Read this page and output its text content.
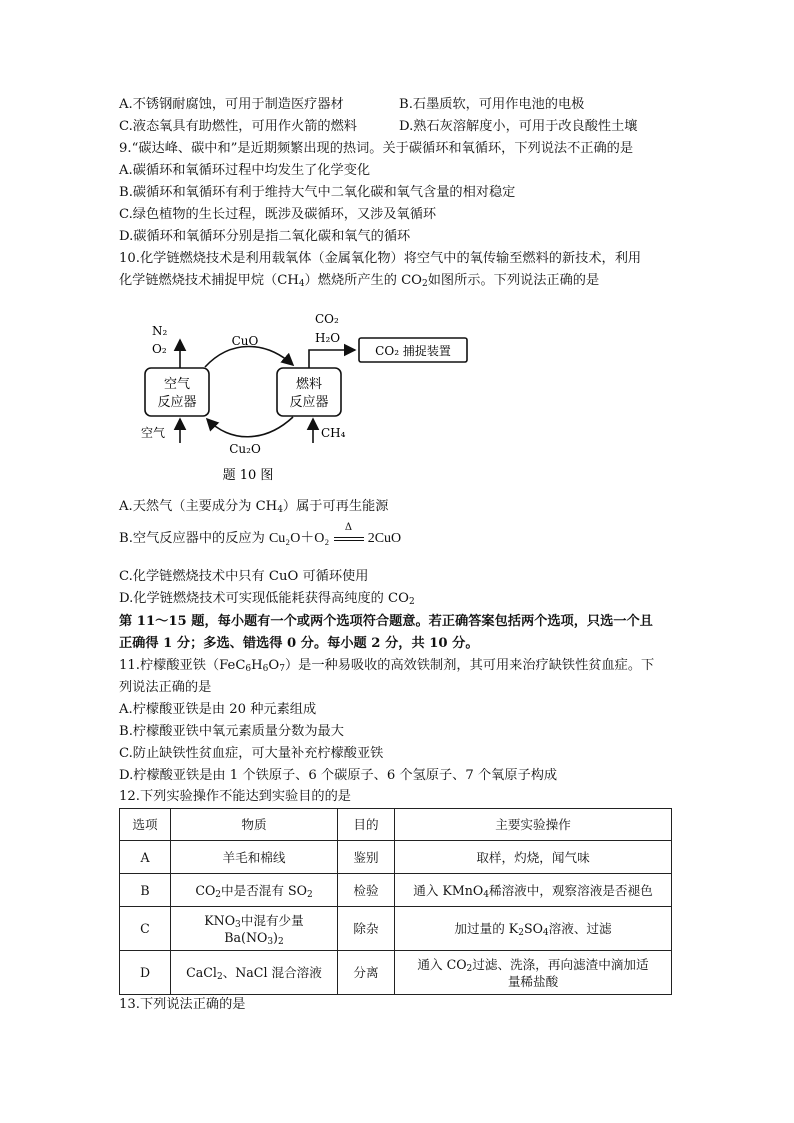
A.不锈钢耐腐蚀，可用于制造医疗器材	B.石墨质软，可用作电池的电极
C.液态氧具有助燃性，可用作火箭的燃料	D.熟石灰溶解度小，可用于改良酸性土壤
9.“碳达峰、碳中和”是近期频繁出现的热词。关于碳循环和氧循环，下列说法不正确的是
A.碳循环和氧循环过程中均发生了化学变化
B.碳循环和氧循环有利于维持大气中二氧化碳和氧气含量的相对稳定
C.绿色植物的生长过程，既涉及碳循环，又涉及氧循环
D.碳循环和氧循环分别是指二氧化碳和氧气的循环
10.化学链燃烧技术是利用载氧体（金属氧化物）将空气中的氧传输至燃料的新技术，利用
化学链燃烧技术捕捉甲烷$(CH_4)$燃烧所产生的 $CO_2$如图所示。下列说法正确的是
空气
反应器
燃料
反应器
N₂
O₂
空气
CuO
Cu₂O
CH₄
CO₂
H₂O
CO₂ 捕捉装置
题 10 图
A.天然气（主要成分为 $CH_4$）属于可再生能源
B.空气反应器中的反应为 Cu₂O＋O₂
Δ
2CuO
C.化学链燃烧技术中只有 CuO 可循环使用
D.化学链燃烧技术可实现低能耗获得高纯度的 $CO_2$
第 11～15 题，每小题有一个或两个选项符合题意。若正确答案包括两个选项，只选一个且
正确得 1 分；多选、错选得 0 分。每小题 2 分，共 10 分。
11.柠檬酸亚铁$(FeC_6H_6O_7)$是一种易吸收的高效铁制剂，其可用来治疗缺铁性贫血症。下
列说法正确的是
A.柠檬酸亚铁是由 20 种元素组成
B.柠檬酸亚铁中氧元素质量分数为最大
C.防止缺铁性贫血症，可大量补充柠檬酸亚铁
D.柠檬酸亚铁是由 1 个铁原子、6 个碳原子、6 个氢原子、7 个氧原子构成
12.下列实验操作不能达到实验目的的是
选项	物质	目的	主要实验操作
A	羊毛和棉线	鉴别	取样，灼烧，闻气味
B	$CO_2$中是否混有 $SO_2$	检验	通入 KMnO$_4$稀溶液中，观察溶液是否褪色
C	$KNO_3$中混有少量
$Ba(NO_3)_2$	除杂	加过量的 $K_2SO_4$溶液、过滤
D	CaCl$_2$、NaCl 混合溶液	分离	通入 $CO_2$过滤、洗涤，再向滤渣中滴加适
量稀盐酸
13.下列说法正确的是
